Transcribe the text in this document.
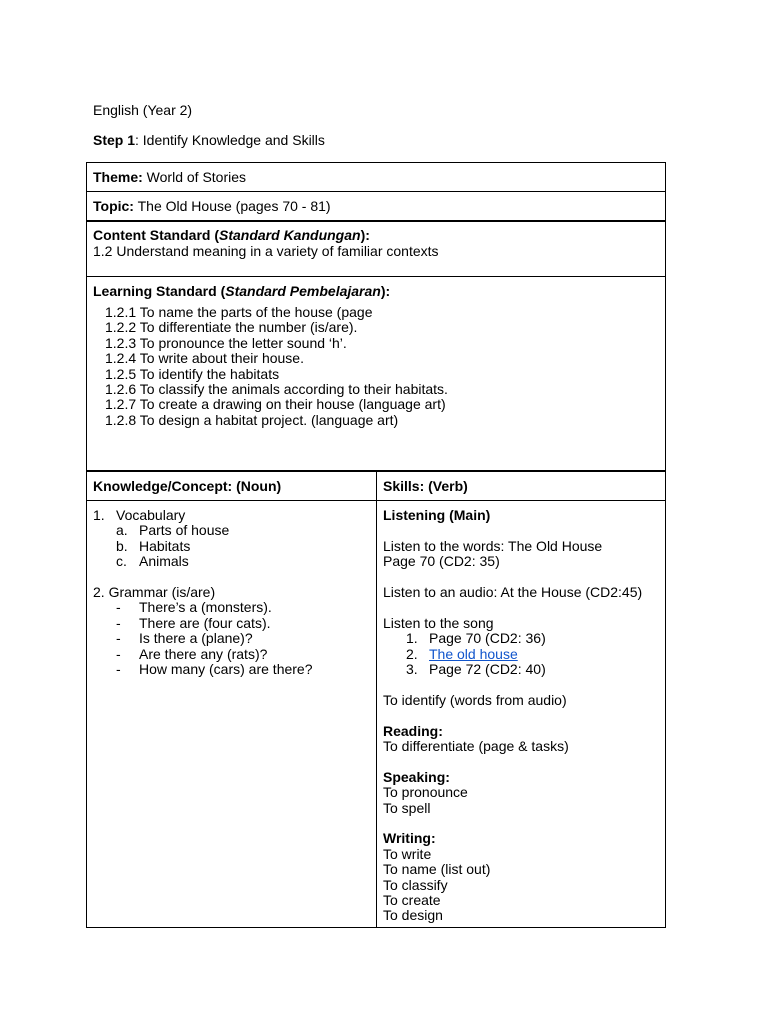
English (Year 2)
Step 1: Identify Knowledge and Skills
Theme: World of Stories
Topic: The Old House (pages 70 - 81)
Content Standard (Standard Kandungan):
1.2 Understand meaning in a variety of familiar contexts
Learning Standard (Standard Pembelajaran):
1.2.1 To name the parts of the house (page
1.2.2 To differentiate the number (is/are).
1.2.3 To pronounce the letter sound ‘h’.
1.2.4 To write about their house.
1.2.5 To identify the habitats
1.2.6 To classify the animals according to their habitats.
1.2.7 To create a drawing on their house (language art)
1.2.8 To design a habitat project. (language art)
Knowledge/Concept: (Noun)	Skills: (Verb)
1. Vocabulary
a. Parts of house
b. Habitats
c. Animals
2. Grammar (is/are)
- There’s a (monsters).
- There are (four cats).
- Is there a (plane)?
- Are there any (rats)?
- How many (cars) are there?
Listening (Main)
Listen to the words: The Old House
Page 70 (CD2: 35)
Listen to an audio: At the House (CD2:45)
Listen to the song
1. Page 70 (CD2: 36)
2. The old house
3. Page 72 (CD2: 40)
To identify (words from audio)
Reading:
To differentiate (page & tasks)
Speaking:
To pronounce
To spell
Writing:
To write
To name (list out)
To classify
To create
To design
